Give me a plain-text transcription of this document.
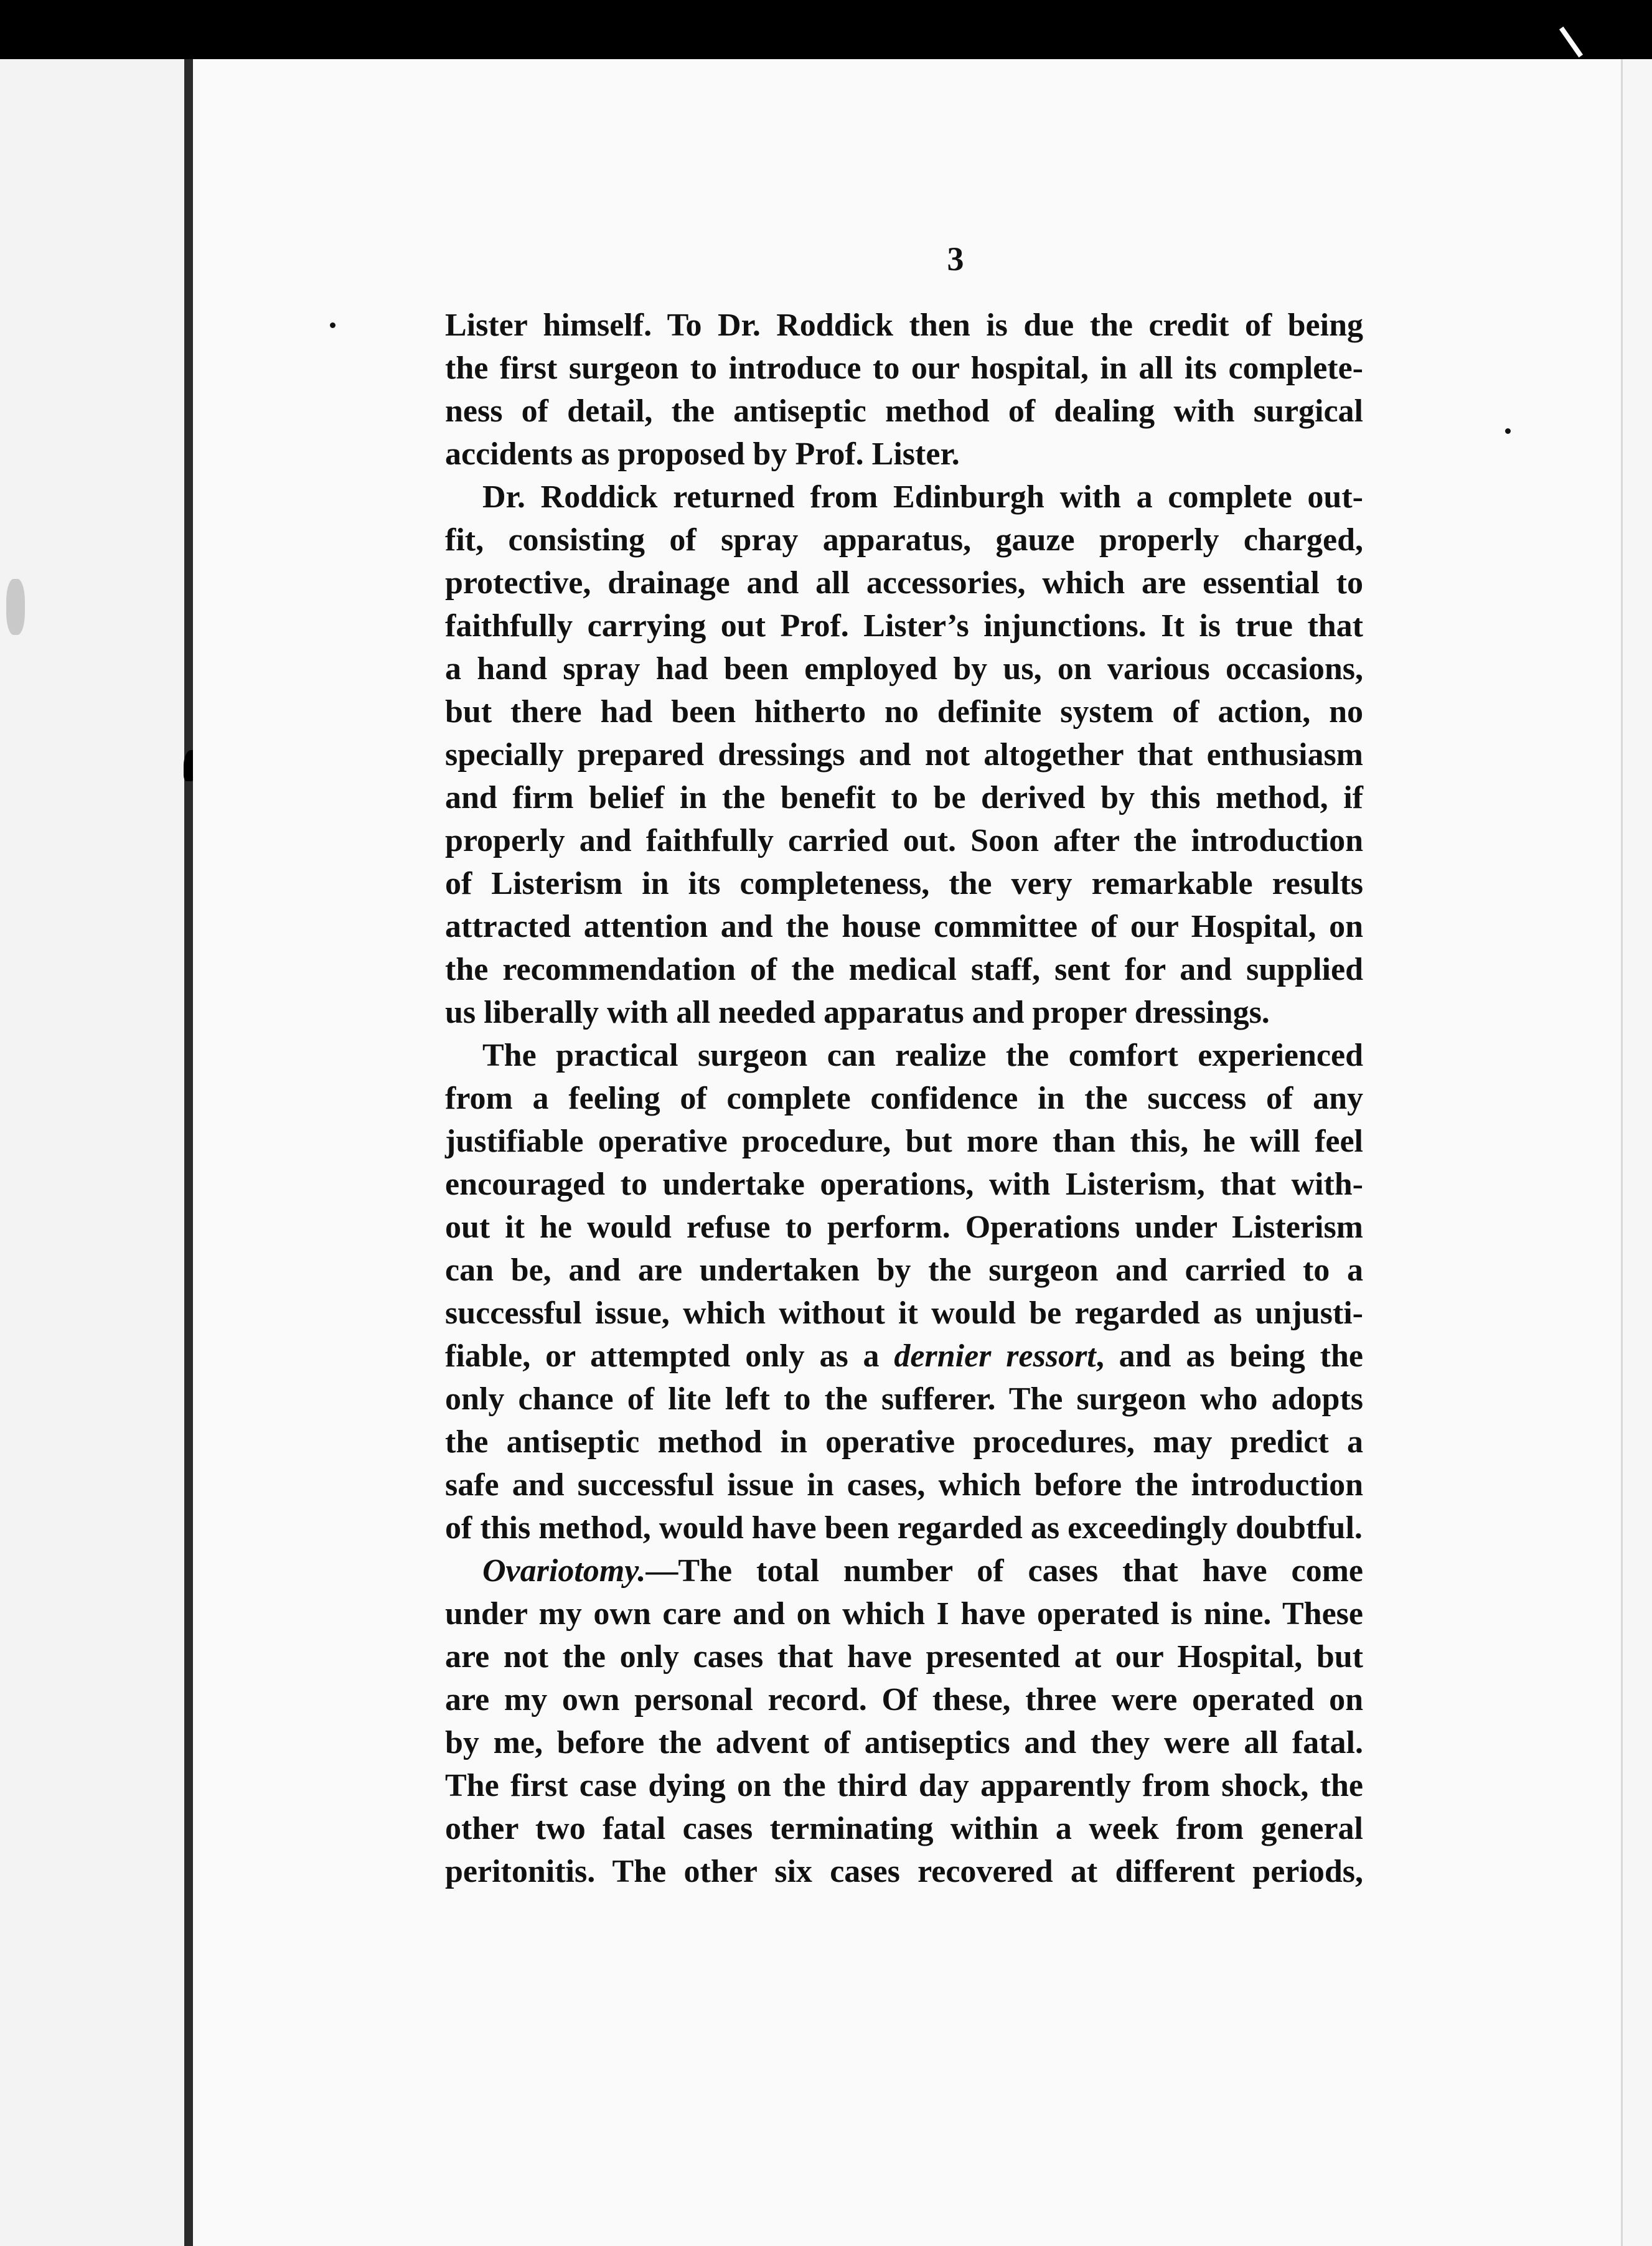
3
Lister himself. To Dr. Roddick then is due the credit of being
the first surgeon to introduce to our hospital, in all its complete-
ness of detail, the antiseptic method of dealing with surgical
accidents as proposed by Prof. Lister.
Dr. Roddick returned from Edinburgh with a complete out-
fit, consisting of spray apparatus, gauze properly charged,
protective, drainage and all accessories, which are essential to
faithfully carrying out Prof. Lister’s injunctions. It is true that
a hand spray had been employed by us, on various occasions,
but there had been hitherto no definite system of action, no
specially prepared dressings and not altogether that enthusiasm
and firm belief in the benefit to be derived by this method, if
properly and faithfully carried out. Soon after the introduction
of Listerism in its completeness, the very remarkable results
attracted attention and the house committee of our Hospital, on
the recommendation of the medical staff, sent for and supplied
us liberally with all needed apparatus and proper dressings.
The practical surgeon can realize the comfort experienced
from a feeling of complete confidence in the success of any
justifiable operative procedure, but more than this, he will feel
encouraged to undertake operations, with Listerism, that with-
out it he would refuse to perform. Operations under Listerism
can be, and are undertaken by the surgeon and carried to a
successful issue, which without it would be regarded as unjusti-
fiable, or attempted only as a dernier ressort, and as being the
only chance of lite left to the sufferer. The surgeon who adopts
the antiseptic method in operative procedures, may predict a
safe and successful issue in cases, which before the introduction
of this method, would have been regarded as exceedingly doubtful.
Ovariotomy.—The total number of cases that have come
under my own care and on which I have operated is nine. These
are not the only cases that have presented at our Hospital, but
are my own personal record. Of these, three were operated on
by me, before the advent of antiseptics and they were all fatal.
The first case dying on the third day apparently from shock, the
other two fatal cases terminating within a week from general
peritonitis. The other six cases recovered at different periods,
